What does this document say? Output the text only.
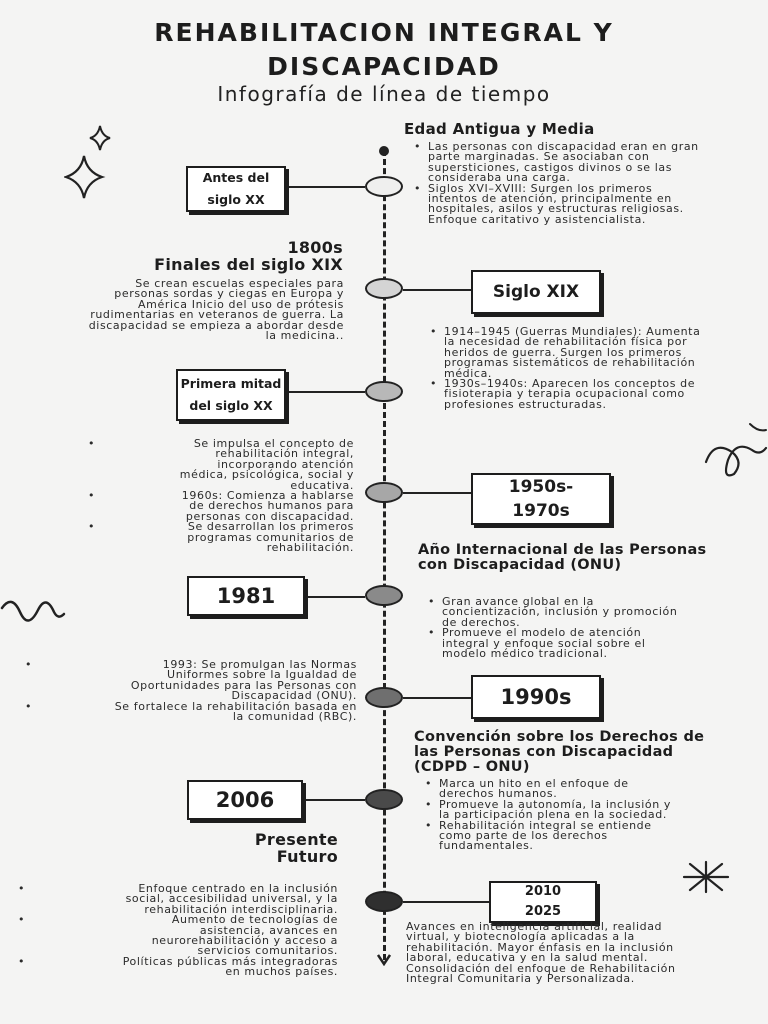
REHABILITACION INTEGRAL Y
DISCAPACIDAD
Infografía de línea de tiempo
Antes del
siglo XX
Edad Antigua y Media
• Las personas con discapacidad eran en gran parte marginadas. Se asociaban con supersticiones, castigos divinos o se las consideraba una carga.
• Siglos XVI–XVIII: Surgen los primeros intentos de atención, principalmente en hospitales, asilos y estructuras religiosas. Enfoque caritativo y asistencialista.
Siglo XIX
1800s
Finales del siglo XIX
Se crean escuelas especiales para personas sordas y ciegas en Europa y América Inicio del uso de prótesis rudimentarias en veteranos de guerra. La discapacidad se empieza a abordar desde la medicina..
Primera mitad
del siglo XX
• 1914–1945 (Guerras Mundiales): Aumenta la necesidad de rehabilitación física por heridos de guerra. Surgen los primeros programas sistemáticos de rehabilitación médica.
• 1930s–1940s: Aparecen los conceptos de fisioterapia y terapia ocupacional como profesiones estructuradas.
1950s-
1970s
• Se impulsa el concepto de rehabilitación integral, incorporando atención médica, psicológica, social y educativa.
• 1960s: Comienza a hablarse de derechos humanos para personas con discapacidad.
• Se desarrollan los primeros programas comunitarios de rehabilitación.
1981
Año Internacional de las Personas con Discapacidad (ONU)
• Gran avance global en la concientización, inclusión y promoción de derechos.
• Promueve el modelo de atención integral y enfoque social sobre el modelo médico tradicional.
1990s
• 1993: Se promulgan las Normas Uniformes sobre la Igualdad de Oportunidades para las Personas con Discapacidad (ONU).
• Se fortalece la rehabilitación basada en la comunidad (RBC).
2006
Convención sobre los Derechos de las Personas con Discapacidad (CDPD – ONU)
• Marca un hito en el enfoque de derechos humanos.
• Promueve la autonomía, la inclusión y la participación plena en la sociedad.
• Rehabilitación integral se entiende como parte de los derechos fundamentales.
Presente
Futuro
• Enfoque centrado en la inclusión social, accesibilidad universal, y la rehabilitación interdisciplinaria.
• Aumento de tecnologías de asistencia, avances en neurorehabilitación y acceso a servicios comunitarios.
• Políticas públicas más integradoras en muchos países.
2010
2025
Avances en inteligencia artificial, realidad virtual, y biotecnología aplicadas a la rehabilitación. Mayor énfasis en la inclusión laboral, educativa y en la salud mental. Consolidación del enfoque de Rehabilitación Integral Comunitaria y Personalizada.
